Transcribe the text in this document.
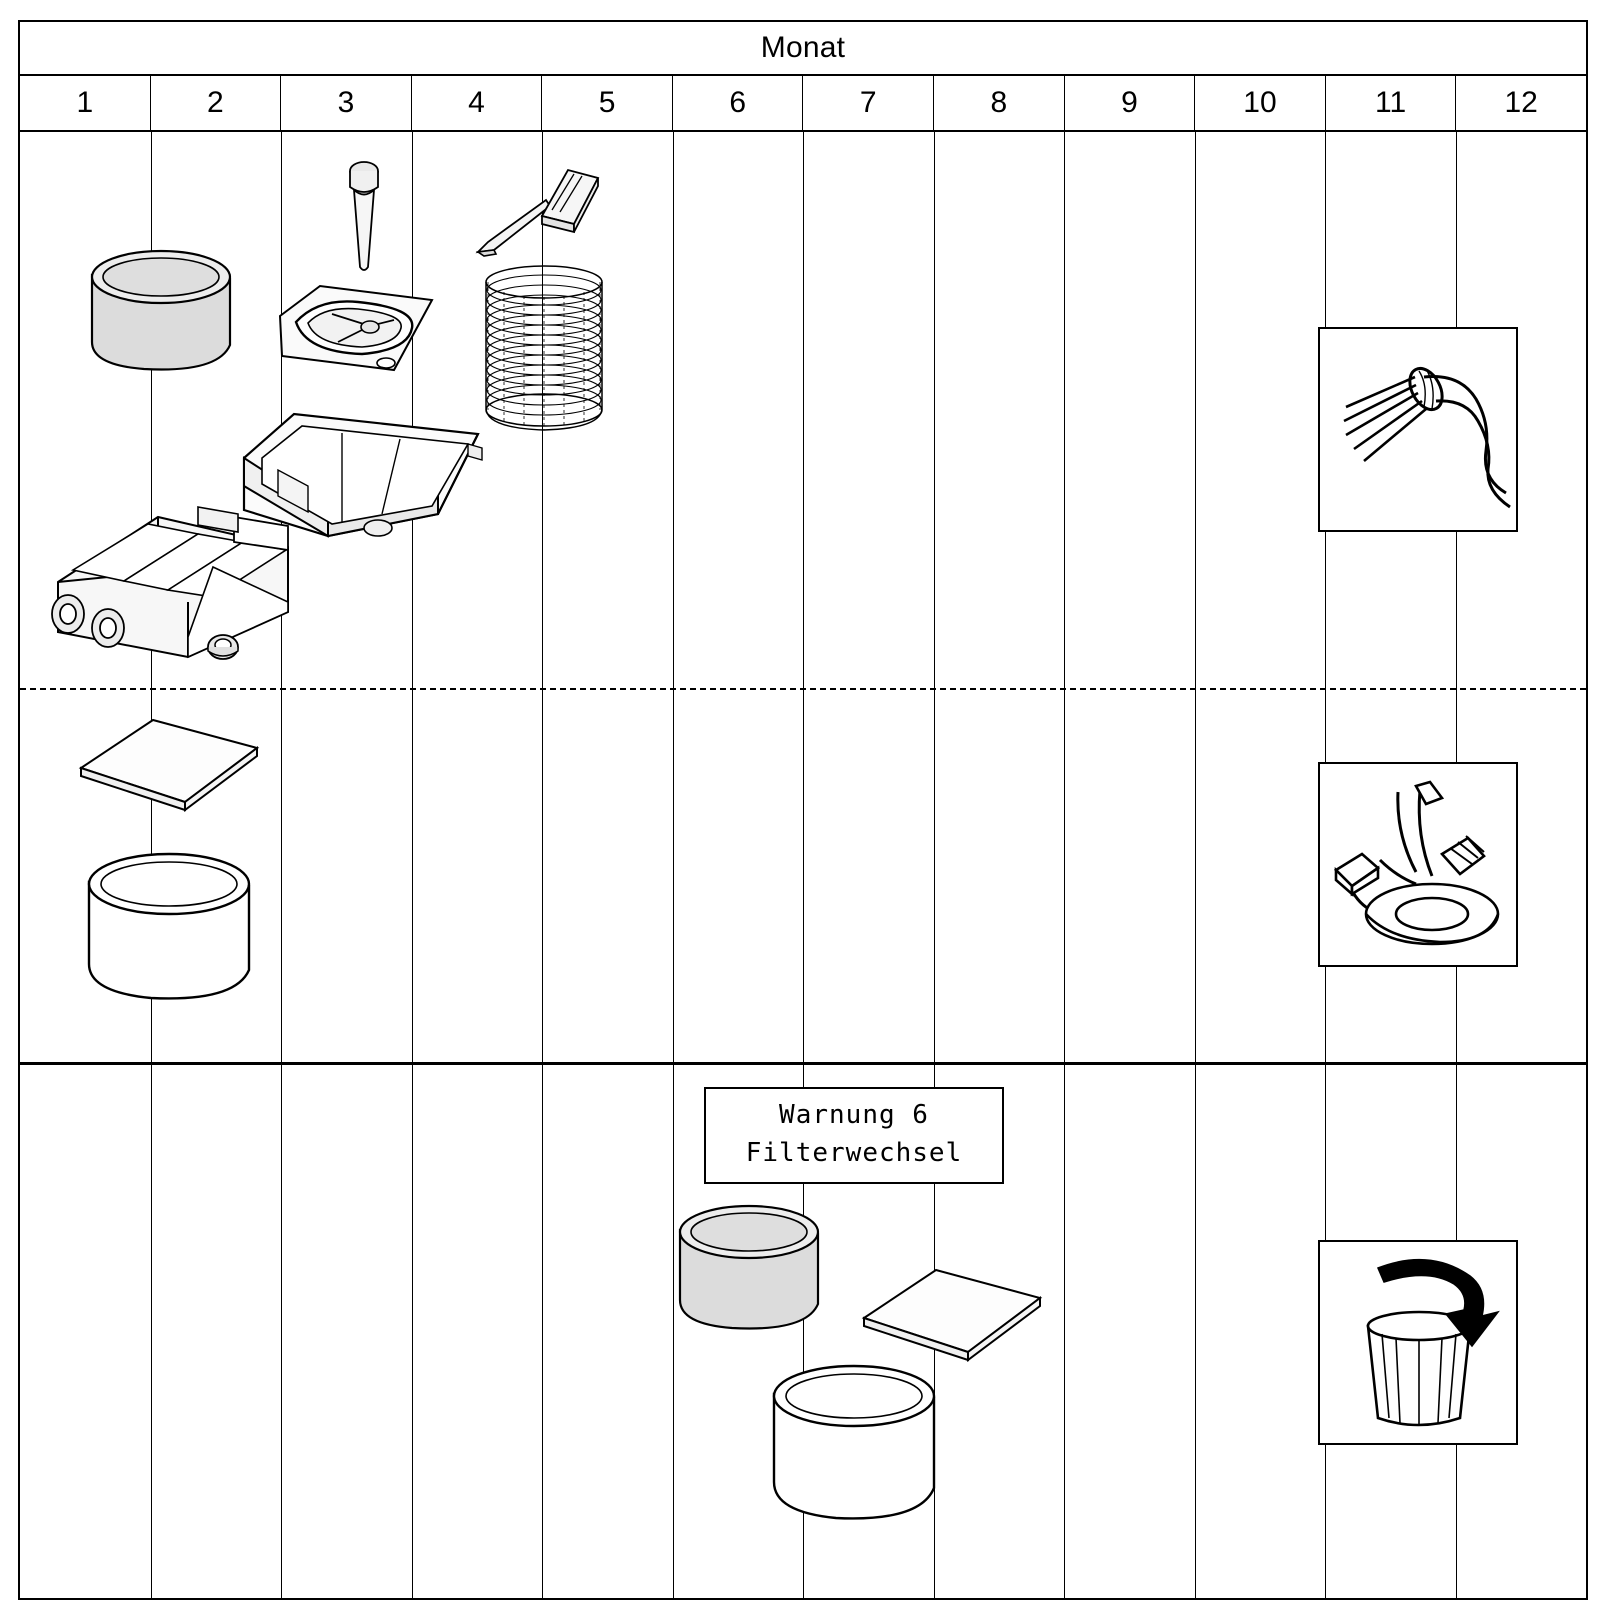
Monat
1	2	3	4	5	6	7	8	9	10	11	12
Warnung 6
Filterwechsel
